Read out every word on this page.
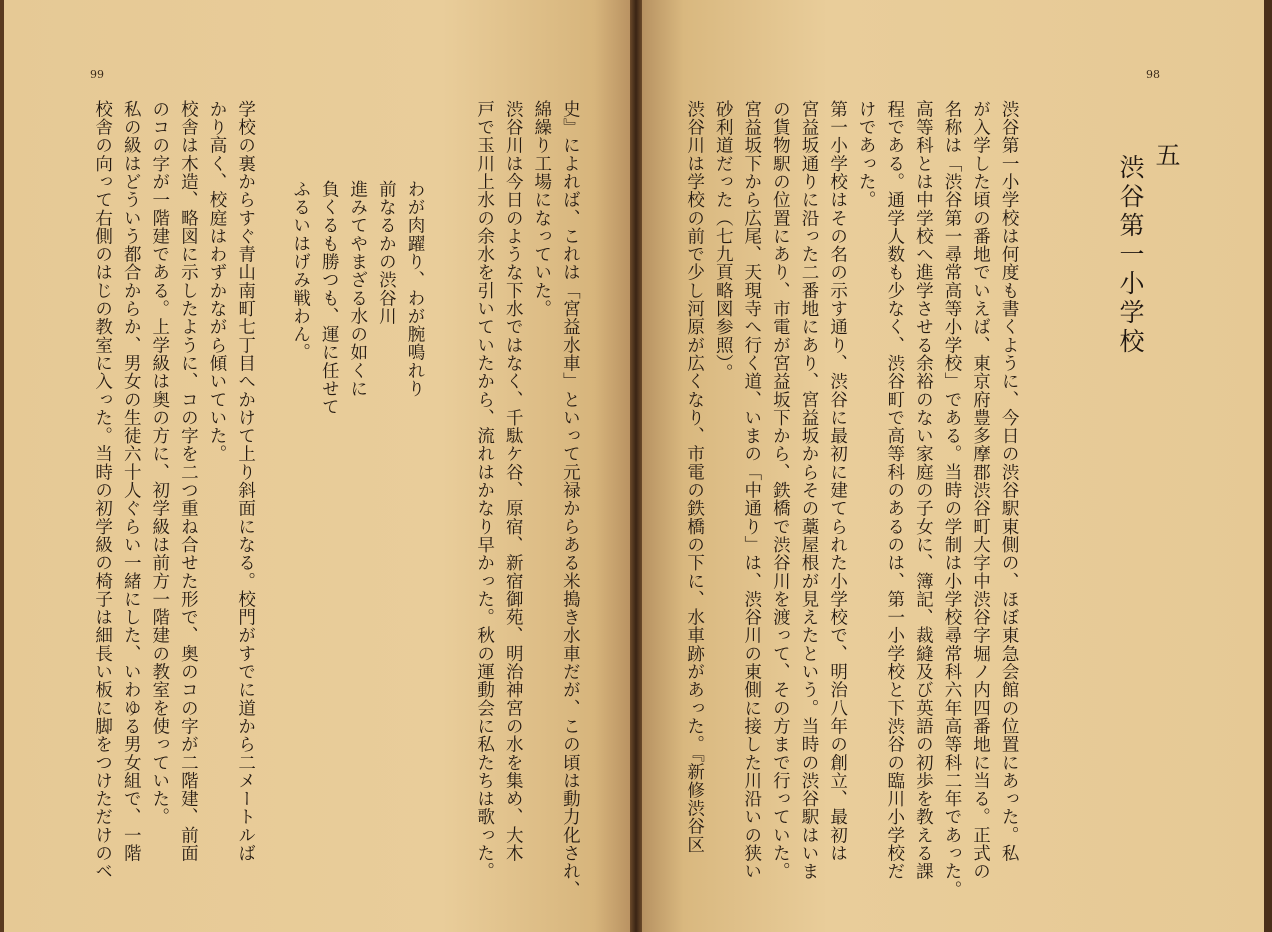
99	98
五
渋谷第一小学校
渋谷第一小学校は何度も書くように、今日の渋谷駅東側の、ほぼ東急会館の位置にあった。私
が入学した頃の番地でいえば、東京府豊多摩郡渋谷町大字中渋谷字堀ノ内四番地に当る。正式の
名称は「渋谷第一尋常高等小学校」である。当時の学制は小学校尋常科六年高等科二年であった。
高等科とは中学校へ進学させる余裕のない家庭の子女に、簿記、裁縫及び英語の初歩を教える課
程である。通学人数も少なく、渋谷町で高等科のあるのは、第一小学校と下渋谷の臨川小学校だ
けであった。
第一小学校はその名の示す通り、渋谷に最初に建てられた小学校で、明治八年の創立、最初は
宮益坂通りに沿った二番地にあり、宮益坂からその藁屋根が見えたという。当時の渋谷駅はいま
の貨物駅の位置にあり、市電が宮益坂下から、鉄橋で渋谷川を渡って、その方まで行っていた。
宮益坂下から広尾、天現寺へ行く道、いまの「中通り」は、渋谷川の東側に接した川沿いの狭い
砂利道だった（七九頁略図参照）。
渋谷川は学校の前で少し河原が広くなり、市電の鉄橋の下に、水車跡があった。『新修渋谷区
史』によれば、これは「宮益水車」といって元禄からある米搗き水車だが、この頃は動力化され、
綿繰り工場になっていた。
渋谷川は今日のような下水ではなく、千駄ケ谷、原宿、新宿御苑、明治神宮の水を集め、大木
戸で玉川上水の余水を引いていたから、流れはかなり早かった。秋の運動会に私たちは歌った。
わが肉躍り、わが腕鳴れり
前なるかの渋谷川
進みてやまざる水の如くに
負くるも勝つも、運に任せて
ふるいはげみ戦わん。
学校の裏からすぐ青山南町七丁目へかけて上り斜面になる。校門がすでに道から二メートルば
かり高く、校庭はわずかながら傾いていた。
校舎は木造、略図に示したように、コの字を二つ重ね合せた形で、奥のコの字が二階建、前面
のコの字が一階建である。上学級は奥の方に、初学級は前方一階建の教室を使っていた。
私の級はどういう都合からか、男女の生徒六十人ぐらい一緒にした、いわゆる男女組で、一階
校舎の向って右側のはじの教室に入った。当時の初学級の椅子は細長い板に脚をつけただけのベ
